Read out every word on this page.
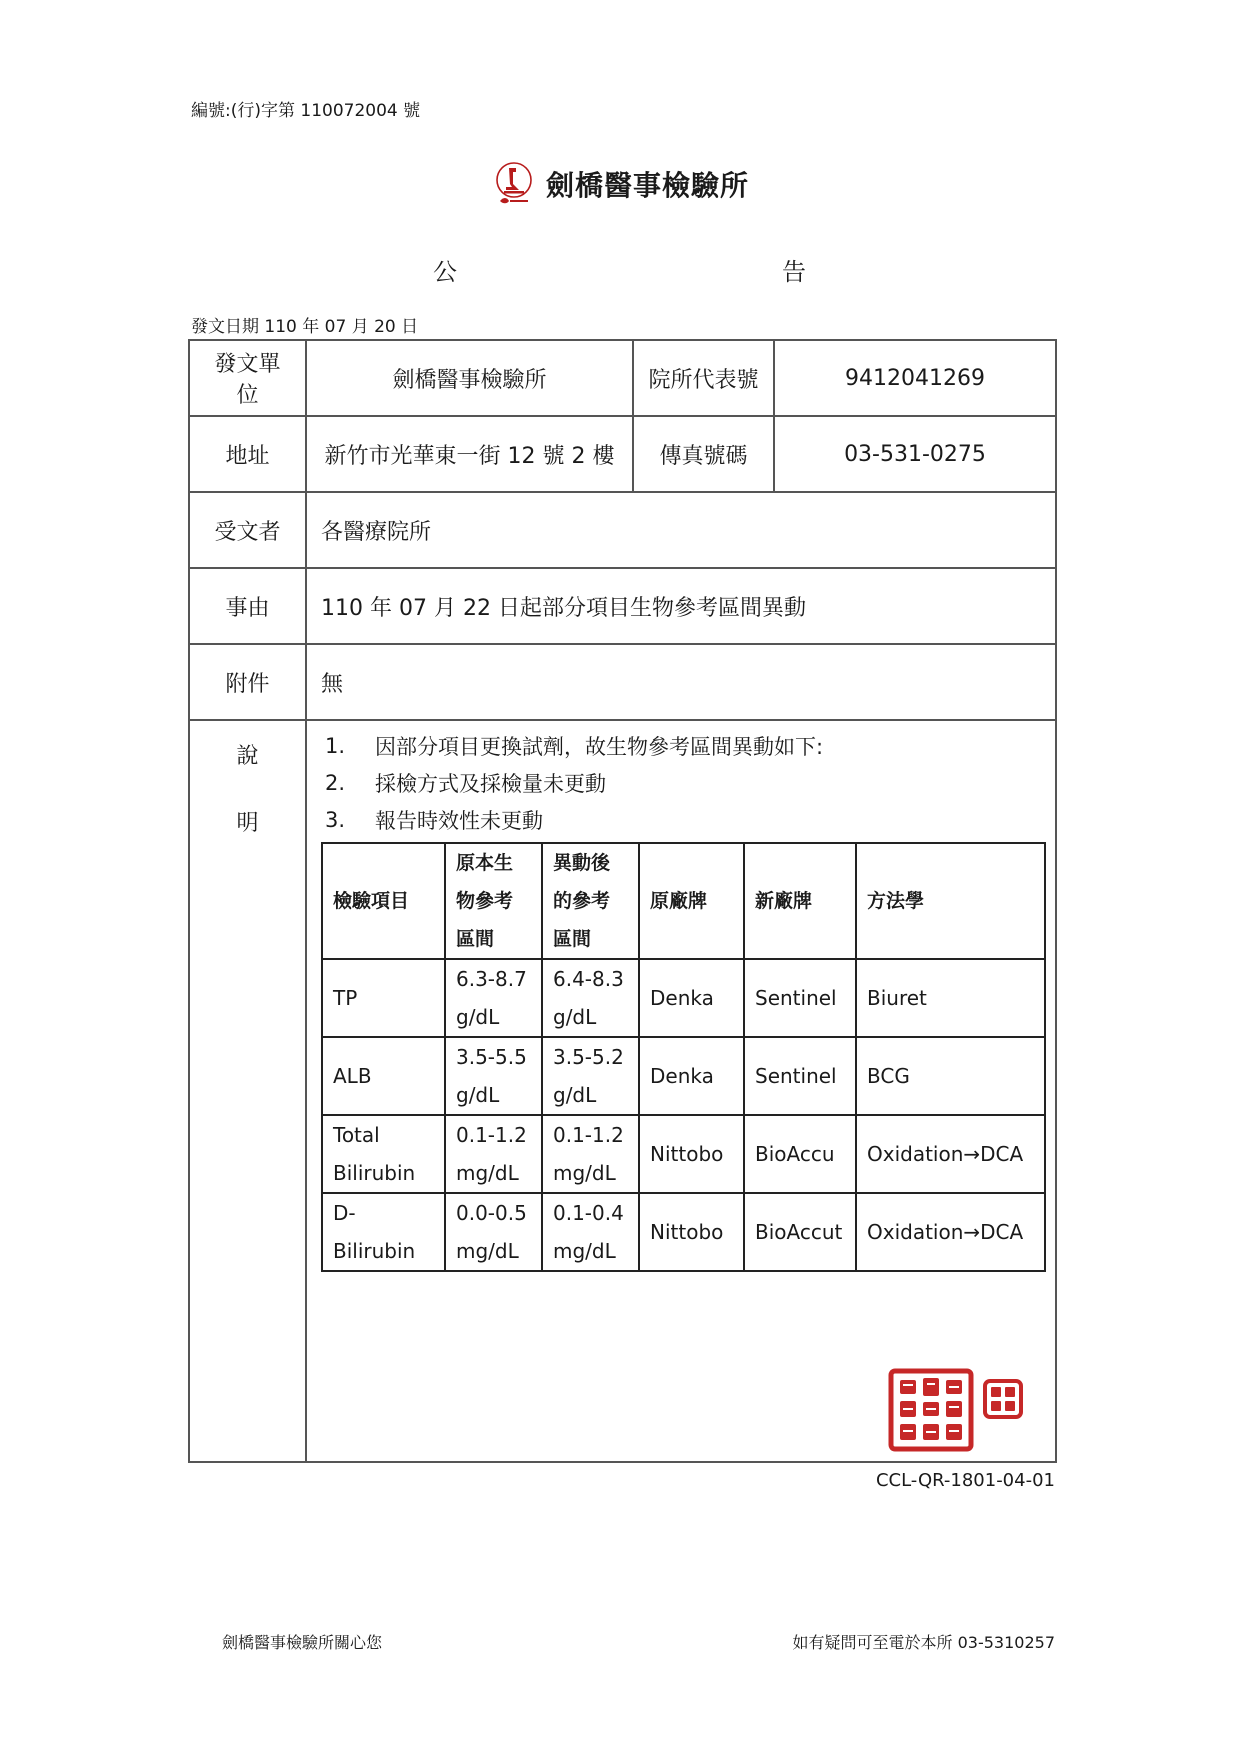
編號:(行)字第 110072004 號
劍橋醫事檢驗所
公	告
發文日期 110 年 07 月 20 日
發文單位	劍橋醫事檢驗所	院所代表號	9412041269
地址	新竹市光華東一街 12 號 2 樓	傳真號碼	03-531-0275
受文者	各醫療院所
事由	110 年 07 月 22 日起部分項目生物參考區間異動
附件	無

說
明

1.	因部分項目更換試劑，故生物參考區間異動如下:
2.	採檢方式及採檢量未更動
3.	報告時效性未更動
檢驗項目	原本生物參考區間	異動後的參考區間	原廠牌	新廠牌	方法學
TP	6.3-8.7 g/dL	6.4-8.3 g/dL	Denka	Sentinel	Biuret
ALB	3.5-5.5 g/dL	3.5-5.2 g/dL	Denka	Sentinel	BCG
Total Bilirubin	0.1-1.2 mg/dL	0.1-1.2 mg/dL	Nittobo	BioAccu	Oxidation→DCA
D-Bilirubin	0.0-0.5 mg/dL	0.1-0.4 mg/dL	Nittobo	BioAccut	Oxidation→DCA
CCL-QR-1801-04-01
劍橋醫事檢驗所關心您	如有疑問可至電於本所 03-5310257
